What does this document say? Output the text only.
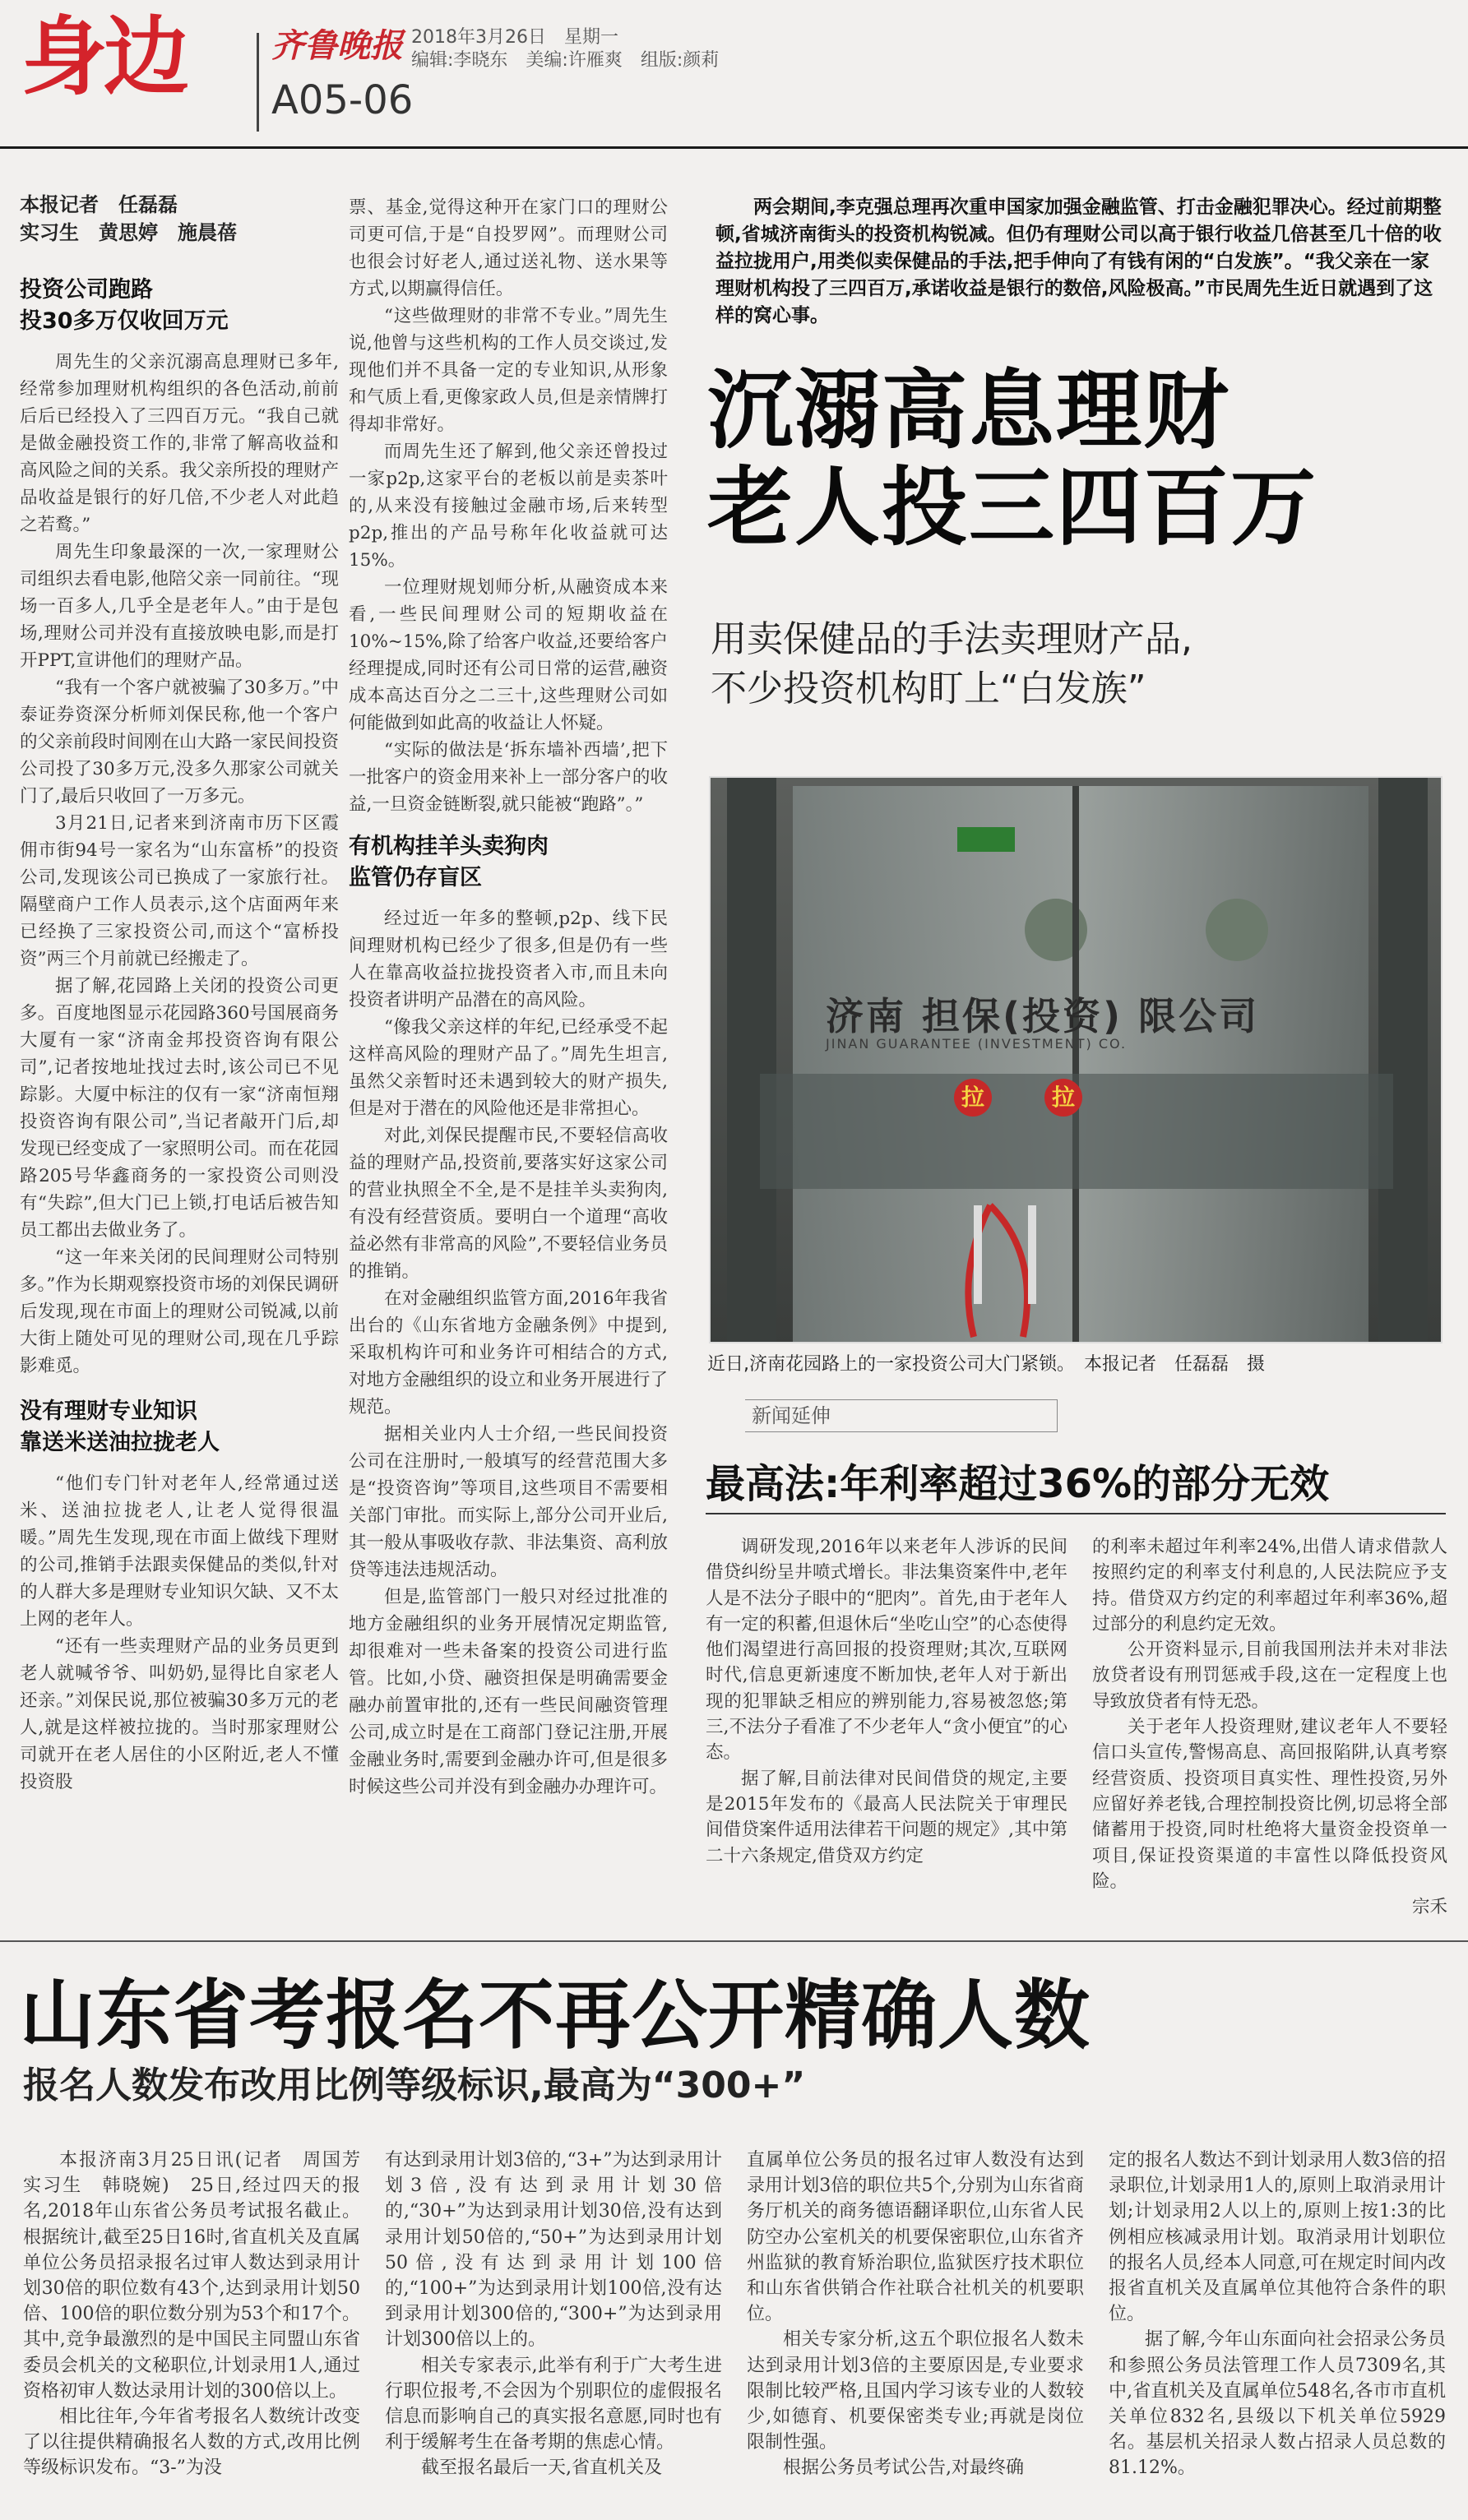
身边	齐鲁晚报
A05-06
2018年3月26日　星期一
编辑:李晓东　美编:许雁爽　组版:颜莉
本报记者　任磊磊
实习生　黄思婷　施晨蓓
投资公司跑路
投30多万仅收回万元

周先生的父亲沉溺高息理财已多年,经常参加理财机构组织的各色活动,前前后后已经投入了三四百万元。“我自己就是做金融投资工作的,非常了解高收益和高风险之间的关系。我父亲所投的理财产品收益是银行的好几倍,不少老人对此趋之若鹜。”

周先生印象最深的一次,一家理财公司组织去看电影,他陪父亲一同前往。“现场一百多人,几乎全是老年人。”由于是包场,理财公司并没有直接放映电影,而是打开PPT,宣讲他们的理财产品。

“我有一个客户就被骗了30多万。”中泰证券资深分析师刘保民称,他一个客户的父亲前段时间刚在山大路一家民间投资公司投了30多万元,没多久那家公司就关门了,最后只收回了一万多元。

3月21日,记者来到济南市历下区霞佣市街94号一家名为“山东富桥”的投资公司,发现该公司已换成了一家旅行社。隔壁商户工作人员表示,这个店面两年来已经换了三家投资公司,而这个“富桥投资”两三个月前就已经搬走了。

据了解,花园路上关闭的投资公司更多。百度地图显示花园路360号国展商务大厦有一家“济南金邦投资咨询有限公司”,记者按地址找过去时,该公司已不见踪影。大厦中标注的仅有一家“济南恒翔投资咨询有限公司”,当记者敲开门后,却发现已经变成了一家照明公司。而在花园路205号华鑫商务的一家投资公司则没有“失踪”,但大门已上锁,打电话后被告知员工都出去做业务了。

“这一年来关闭的民间理财公司特别多。”作为长期观察投资市场的刘保民调研后发现,现在市面上的理财公司锐减,以前大街上随处可见的理财公司,现在几乎踪影难觅。

没有理财专业知识
靠送米送油拉拢老人

“他们专门针对老年人,经常通过送米、送油拉拢老人,让老人觉得很温暖。”周先生发现,现在市面上做线下理财的公司,推销手法跟卖保健品的类似,针对的人群大多是理财专业知识欠缺、又不太上网的老年人。

“还有一些卖理财产品的业务员更到老人就喊爷爷、叫奶奶,显得比自家老人还亲。”刘保民说,那位被骗30多万元的老人,就是这样被拉拢的。当时那家理财公司就开在老人居住的小区附近,老人不懂投资股

票、基金,觉得这种开在家门口的理财公司更可信,于是“自投罗网”。而理财公司也很会讨好老人,通过送礼物、送水果等方式,以期赢得信任。

“这些做理财的非常不专业。”周先生说,他曾与这些机构的工作人员交谈过,发现他们并不具备一定的专业知识,从形象和气质上看,更像家政人员,但是亲情牌打得却非常好。

而周先生还了解到,他父亲还曾投过一家p2p,这家平台的老板以前是卖茶叶的,从来没有接触过金融市场,后来转型p2p,推出的产品号称年化收益就可达15%。

一位理财规划师分析,从融资成本来看,一些民间理财公司的短期收益在10%~15%,除了给客户收益,还要给客户经理提成,同时还有公司日常的运营,融资成本高达百分之二三十,这些理财公司如何能做到如此高的收益让人怀疑。

“实际的做法是‘拆东墙补西墙’,把下一批客户的资金用来补上一部分客户的收益,一旦资金链断裂,就只能被“跑路”。”

有机构挂羊头卖狗肉
监管仍存盲区

经过近一年多的整顿,p2p、线下民间理财机构已经少了很多,但是仍有一些人在靠高收益拉拢投资者入市,而且未向投资者讲明产品潜在的高风险。

“像我父亲这样的年纪,已经承受不起这样高风险的理财产品了。”周先生坦言,虽然父亲暂时还未遇到较大的财产损失,但是对于潜在的风险他还是非常担心。

对此,刘保民提醒市民,不要轻信高收益的理财产品,投资前,要落实好这家公司的营业执照全不全,是不是挂羊头卖狗肉,有没有经营资质。要明白一个道理“高收益必然有非常高的风险”,不要轻信业务员的推销。

在对金融组织监管方面,2016年我省出台的《山东省地方金融条例》中提到,采取机构许可和业务许可相结合的方式,对地方金融组织的设立和业务开展进行了规范。

据相关业内人士介绍,一些民间投资公司在注册时,一般填写的经营范围大多是“投资咨询”等项目,这些项目不需要相关部门审批。而实际上,部分公司开业后,其一般从事吸收存款、非法集资、高利放贷等违法违规活动。

但是,监管部门一般只对经过批准的地方金融组织的业务开展情况定期监管,却很难对一些未备案的投资公司进行监管。比如,小贷、融资担保是明确需要金融办前置审批的,还有一些民间融资管理公司,成立时是在工商部门登记注册,开展金融业务时,需要到金融办许可,但是很多时候这些公司并没有到金融办办理许可。

两会期间,李克强总理再次重申国家加强金融监管、打击金融犯罪决心。经过前期整顿,省城济南街头的投资机构锐减。但仍有理财公司以高于银行收益几倍甚至几十倍的收益拉拢用户,用类似卖保健品的手法,把手伸向了有钱有闲的“白发族”。“我父亲在一家理财机构投了三四百万,承诺收益是银行的数倍,风险极高。”市民周先生近日就遇到了这样的窝心事。
沉溺高息理财
老人投三四百万
用卖保健品的手法卖理财产品,
不少投资机构盯上“白发族”
济南 担保(投资) 限公司
JINAN GUARANTEE (INVESTMENT) CO.
拉	拉
近日,济南花园路上的一家投资公司大门紧锁。　本报记者　任磊磊　摄
新闻延伸
最高法:年利率超过36%的部分无效

调研发现,2016年以来老年人涉诉的民间借贷纠纷呈井喷式增长。非法集资案件中,老年人是不法分子眼中的“肥肉”。首先,由于老年人有一定的积蓄,但退休后“坐吃山空”的心态使得他们渴望进行高回报的投资理财;其次,互联网时代,信息更新速度不断加快,老年人对于新出现的犯罪缺乏相应的辨别能力,容易被忽悠;第三,不法分子看准了不少老年人“贪小便宜”的心态。

据了解,目前法律对民间借贷的规定,主要是2015年发布的《最高人民法院关于审理民间借贷案件适用法律若干问题的规定》,其中第二十六条规定,借贷双方约定

的利率未超过年利率24%,出借人请求借款人按照约定的利率支付利息的,人民法院应予支持。借贷双方约定的利率超过年利率36%,超过部分的利息约定无效。

公开资料显示,目前我国刑法并未对非法放贷者设有刑罚惩戒手段,这在一定程度上也导致放贷者有恃无恐。

关于老年人投资理财,建议老年人不要轻信口头宣传,警惕高息、高回报陷阱,认真考察经营资质、投资项目真实性、理性投资,另外应留好养老钱,合理控制投资比例,切忌将全部储蓄用于投资,同时杜绝将大量资金投资单一项目,保证投资渠道的丰富性以降低投资风险。

宗禾
山东省考报名不再公开精确人数
报名人数发布改用比例等级标识,最高为“300+”

本报济南3月25日讯(记者　周国芳　实习生　韩晓婉)　25日,经过四天的报名,2018年山东省公务员考试报名截止。根据统计,截至25日16时,省直机关及直属单位公务员招录报名过审人数达到录用计划30倍的职位数有43个,达到录用计划50倍、100倍的职位数分别为53个和17个。其中,竞争最激烈的是中国民主同盟山东省委员会机关的文秘职位,计划录用1人,通过资格初审人数达录用计划的300倍以上。

相比往年,今年省考报名人数统计改变了以往提供精确报名人数的方式,改用比例等级标识发布。“3-”为没

有达到录用计划3倍的,“3+”为达到录用计划3倍,没有达到录用计划30倍的,“30+”为达到录用计划30倍,没有达到录用计划50倍的,“50+”为达到录用计划50倍,没有达到录用计划100倍的,“100+”为达到录用计划100倍,没有达到录用计划300倍的,“300+”为达到录用计划300倍以上的。

相关专家表示,此举有利于广大考生进行职位报考,不会因为个别职位的虚假报名信息而影响自己的真实报名意愿,同时也有利于缓解考生在备考期的焦虑心情。

截至报名最后一天,省直机关及

直属单位公务员的报名过审人数没有达到录用计划3倍的职位共5个,分别为山东省商务厅机关的商务德语翻译职位,山东省人民防空办公室机关的机要保密职位,山东省齐州监狱的教育矫治职位,监狱医疗技术职位和山东省供销合作社联合社机关的机要职位。

相关专家分析,这五个职位报名人数未达到录用计划3倍的主要原因是,专业要求限制比较严格,且国内学习该专业的人数较少,如德育、机要保密类专业;再就是岗位限制性强。

根据公务员考试公告,对最终确

定的报名人数达不到计划录用人数3倍的招录职位,计划录用1人的,原则上取消录用计划;计划录用2人以上的,原则上按1:3的比例相应核减录用计划。取消录用计划职位的报名人员,经本人同意,可在规定时间内改报省直机关及直属单位其他符合条件的职位。

据了解,今年山东面向社会招录公务员和参照公务员法管理工作人员7309名,其中,省直机关及直属单位548名,各市市直机关单位832名,县级以下机关单位5929名。基层机关招录人数占招录人员总数的81.12%。
